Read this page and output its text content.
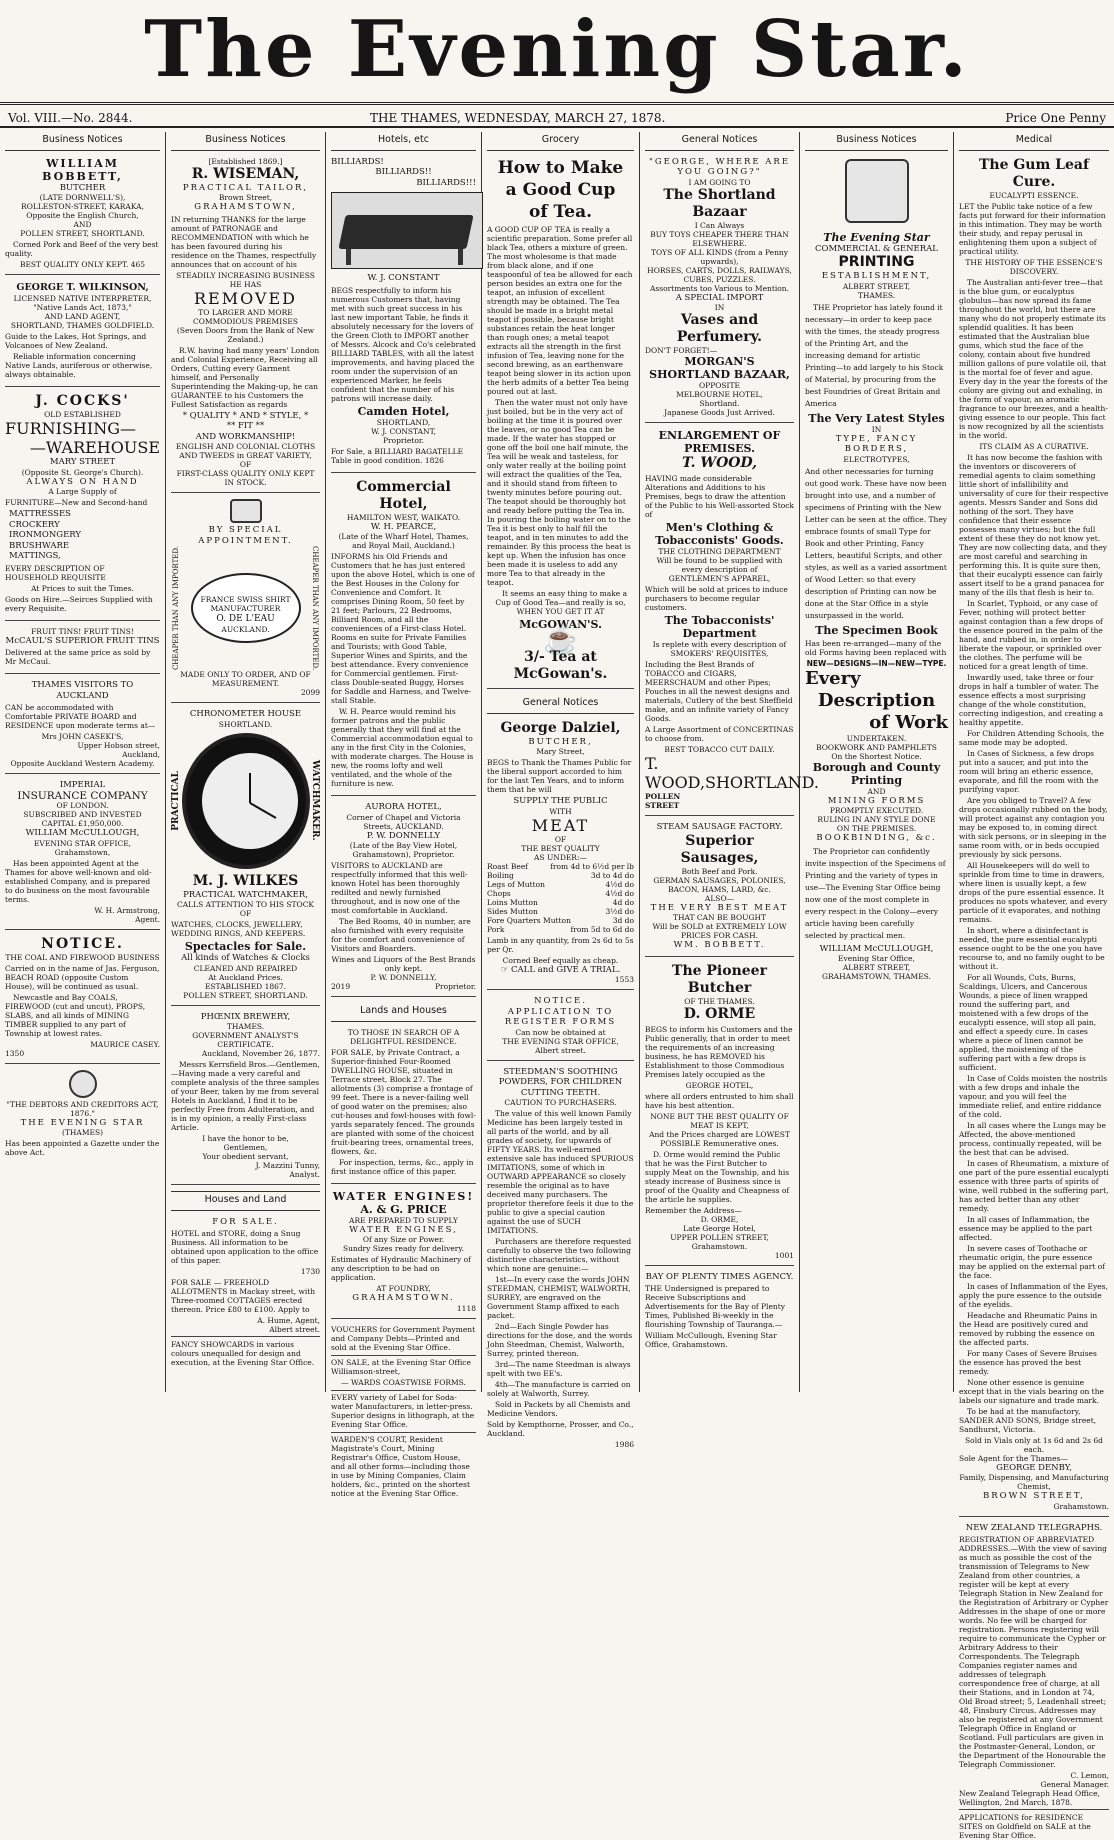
The Evening Star.
Vol. VIII.—No. 2844.	THE THAMES, WEDNESDAY, MARCH 27, 1878.	Price One Penny
Business Notices
WILLIAM BOBBETT,
BUTCHER
(LATE DORNWELL'S),
ROLLESTON-STREET, KARAKA,
Opposite the English Church,
AND
POLLEN STREET, SHORTLAND.

Corned Pork and Beef of the very best quality.

BEST QUALITY ONLY KEPT. 465
GEORGE T. WILKINSON,
LICENSED NATIVE INTERPRETER,
"Native Lands Act, 1873,"
AND LAND AGENT,
SHORTLAND, THAMES GOLDFIELD.

Guide to the Lakes, Hot Springs, and Volcanoes of New Zealand.

Reliable information concerning Native Lands, auriferous or otherwise, always obtainable.

J. COCKS'
OLD ESTABLISHED
FURNISHING—
—WAREHOUSE
MARY STREET
(Opposite St. George's Church).
ALWAYS ON HAND
A Large Supply of

FURNITURE—New and Second-hand

MATTRESSES
CROCKERY
IRONMONGERY
BRUSHWARE
MATTINGS,

EVERY DESCRIPTION OF HOUSEHOLD REQUISITE

At Prices to suit the Times.

Goods on Hire.—Seirces Supplied with every Requisite.

FRUIT TINS! FRUIT TINS!
McCAUL'S SUPERIOR FRUIT TINS

Delivered at the same price as sold by Mr McCaul.

THAMES VISITORS TO AUCKLAND

CAN be accommodated with Comfortable PRIVATE BOARD and RESIDENCE upon moderate terms at—

Mrs JOHN CASEKI'S,
Upper Hobson street,
Auckland,
Opposite Auckland Western Academy.
IMPERIAL
INSURANCE COMPANY
OF LONDON.
SUBSCRIBED AND INVESTED
CAPITAL £1,950,000.
WILLIAM McCULLOUGH,
EVENING STAR OFFICE,
Grahamstown,

Has been appointed Agent at the Thames for above well-known and old-established Company, and is prepared to do business on the most favourable terms.

W. H. Armstrong,
Agent.
NOTICE.
THE COAL AND FIREWOOD BUSINESS

Carried on in the name of Jas. Ferguson, BEACH ROAD (opposite Custom House), will be continued as usual.

Newcastle and Bay COALS, FIREWOOD (cut and uncut), PROPS, SLABS, and all kinds of MINING TIMBER supplied to any part of Township at lowest rates.

MAURICE CASEY.
1350
"THE DEBTORS AND CREDITORS ACT, 1876."
THE EVENING STAR
(THAMES)

Has been appointed a Gazette under the above Act.

Business Notices
[Established 1869.]
R. WISEMAN,
PRACTICAL TAILOR,
Brown Street,
GRAHAMSTOWN,

IN returning THANKS for the large amount of PATRONAGE and RECOMMENDATION with which he has been favoured during his residence on the Thames, respectfully announces that on account of his

STEADILY INCREASING BUSINESS
HE HAS
REMOVED
TO LARGER AND MORE COMMODIOUS PREMISES
(Seven Doors from the Bank of New Zealand.)

R.W. having had many years' London and Colonial Experience, Receiving all Orders, Cutting every Garment himself, and Personally Superintending the Making-up, he can GUARANTEE to his Customers the Fullest Satisfaction as regards

* QUALITY * AND * STYLE, *
** FIT **
AND WORKMANSHIP!
ENGLISH AND COLONIAL CLOTHS AND TWEEDS in GREAT VARIETY,
OF
FIRST-CLASS QUALITY ONLY KEPT IN STOCK.
BY SPECIAL APPOINTMENT.
CHEAPER THAN ANY IMPORTED.	FRANCE SWISS SHIRT MANUFACTURER
O. DE L'EAU
AUCKLAND.	CHEAPER THAN ANY IMPORTED.
MADE ONLY TO ORDER, AND OF MEASUREMENT.
2099
CHRONOMETER HOUSE
SHORTLAND.
PRACTICAL	WATCHMAKER.
M. J. WILKES
PRACTICAL WATCHMAKER,
CALLS ATTENTION TO HIS STOCK OF

WATCHES, CLOCKS, JEWELLERY, WEDDING RINGS, AND KEEPERS.

Spectacles for Sale.
All kinds of Watches & Clocks
CLEANED AND REPAIRED
At Auckland Prices.
ESTABLISHED 1867.
POLLEN STREET, SHORTLAND.
PHŒNIX BREWERY,
THAMES.
GOVERNMENT ANALYST'S CERTIFICATE.
Auckland, November 26, 1877.

Messrs Kerrsfield Bros.—Gentlemen,—Having made a very careful and complete analysis of the three samples of your Beer, taken by me from several Hotels in Auckland, I find it to be perfectly Free from Adulteration, and is in my opinion, a really First-class Article.

I have the honor to be,
Gentlemen,
Your obedient servant,
J. Mazzini Tunny,
Analyst.
Houses and Land
FOR SALE.

HOTEL and STORE, doing a Snug Business. All information to be obtained upon application to the office of this paper.

1730

FOR SALE — FREEHOLD ALLOTMENTS in Mackay street, with Three-roomed COTTAGES erected thereon. Price £80 to £100. Apply to

A. Hume, Agent,
Albert street.

FANCY SHOWCARDS in various colours unequalled for design and execution, at the Evening Star Office.

Hotels, etc
BILLIARDS!
BILLIARDS!!
BILLIARDS!!!
W. J. CONSTANT

BEGS respectfully to inform his numerous Customers that, having met with such great success in his last new important Table, he finds it absolutely necessary for the lovers of the Green Cloth to IMPORT another of Messrs. Alcock and Co's celebrated BILLIARD TABLES, with all the latest improvements, and having placed the room under the supervision of an experienced Marker, he feels confident that the number of his patrons will increase daily.

Camden Hotel,
SHORTLAND,
W. J. CONSTANT,
Proprietor.

For Sale, a BILLIARD BAGATELLE Table in good condition. 1826

Commercial Hotel,
HAMILTON WEST, WAIKATO.
W. H. PEARCE,
(Late of the Wharf Hotel, Thames, and Royal Mail, Auckland.)

INFORMS his Old Friends and Customers that he has just entered upon the above Hotel, which is one of the Best Houses in the Colony for Convenience and Comfort. It comprises Dining Room, 50 feet by 21 feet; Parlours, 22 Bedrooms, Billiard Room, and all the conveniences of a First-class Hotel. Rooms en suite for Private Families and Tourists; with Good Table, Superior Wines and Spirits, and the best attendance. Every convenience for Commercial gentlemen. First-class Double-seated Buggy, Horses for Saddle and Harness, and Twelve-stall Stable.

W. H. Pearce would remind his former patrons and the public generally that they will find at the Commercial accommodation equal to any in the first City in the Colonies, with moderate charges. The House is new, the rooms lofty and well ventilated, and the whole of the furniture is new.

AURORA HOTEL,
Corner of Chapel and Victoria Streets, AUCKLAND.
P. W. DONNELLY
(Late of the Bay View Hotel, Grahamstown), Proprietor.

VISITORS to AUCKLAND are respectfully informed that this well-known Hotel has been thoroughly redilted and newly furnished throughout, and is now one of the most comfortable in Auckland.

The Bed Rooms, 40 in number, are also furnished with every requisite for the comfort and convenience of Visitors and Boarders.

Wines and Liquors of the Best Brands only kept.
P. W. DONNELLY,
2019	Proprietor.
Lands and Houses
TO THOSE IN SEARCH OF A DELIGHTFUL RESIDENCE.

FOR SALE, by Private Contract, a Superior-finished Four-Roomed DWELLING HOUSE, situated in Terrace street, Block 27. The allotments (3) comprise a frontage of 99 feet. There is a never-failing well of good water on the premises; also cut-houses and fowl-houses with fowl-yards separately fenced. The grounds are planted with some of the choicest fruit-bearing trees, ornamental trees, flowers, &c.

For inspection, terms, &c., apply in first instance office of this paper.

WATER ENGINES!
A. & G. PRICE
ARE PREPARED TO SUPPLY
WATER ENGINES,
Of any Size or Power.
Sundry Sizes ready for delivery.

Estimates of Hydraulic Machinery of any description to be had on application.

AT FOUNDRY,
GRAHAMSTOWN.
1118

VOUCHERS for Government Payment and Company Debts—Printed and sold at the Evening Star Office.

ON SALE, at the Evening Star Office Williamson-street,

— WARDS COASTWISE FORMS.

EVERY variety of Label for Soda-water Manufacturers, in letter-press. Superior designs in lithograph, at the Evening Star Office.

WARDEN'S COURT, Resident Magistrate's Court, Mining Registrar's Office, Custom House, and all other forms—including those in use by Mining Companies, Claim holders, &c., printed on the shortest notice at the Evening Star Office.

Grocery
How to Make
a Good Cup
of Tea.

A GOOD CUP OF TEA is really a scientific preparation. Some prefer all black Tea, others a mixture of green. The most wholesome is that made from black alone, and if one teaspoonful of tea be allowed for each person besides an extra one for the teapot, an infusion of excellent strength may be obtained. The Tea should be made in a bright metal teapot if possible, because bright substances retain the heat longer than rough ones; a metal teapot extracts all the strength in the first infusion of Tea, leaving none for the second brewing, as an earthenware teapot being slower in its action upon the herb admits of a better Tea being poured out at last.

Then the water must not only have just boiled, but be in the very act of boiling at the time it is poured over the leaves, or no good Tea can be made. If the water has stopped or gone off the boil one half minute, the Tea will be weak and tasteless, for only water really at the boiling point will extract the qualities of the Tea, and it should stand from fifteen to twenty minutes before pouring out. The teapot should be thoroughly hot and ready before putting the Tea in. In pouring the boiling water on to the Tea it is best only to half fill the teapot, and in ten minutes to add the remainder. By this process the heat is kept up. When the infusion has once been made it is useless to add any more Tea to that already in the teapot.

It seems an easy thing to make a Cup of Good Tea—and really is so, WHEN YOU GET IT AT

McGOWAN'S.
☕
3/- Tea at McGowan's.
General Notices
George Dalziel,
BUTCHER,
Mary Street,

BEGS to Thank the Thames Public for the liberal support accorded to him for the last Ten Years, and to inform them that he will

SUPPLY THE PUBLIC
WITH
MEAT
OF
THE BEST QUALITY
AS UNDER:—
Roast Beef	from 4d to 6½d per lb
Boiling	3d to 4d do
Legs of Mutton	4½d do
Chops	4½d do
Loins Mutton	4d do
Sides Mutton	3½d do
Fore Quarters Mutton	3d do
Pork	from 5d to 6d do

Lamb in any quantity, from 2s 6d to 5s per Qr.

Corned Beef equally as cheap.
☞ CALL and GIVE A TRIAL.
1553
NOTICE.
APPLICATION TO REGISTER FORMS
Can now be obtained at
THE EVENING STAR OFFICE,
Albert street.
STEEDMAN'S SOOTHING POWDERS, FOR CHILDREN CUTTING TEETH.
CAUTION TO PURCHASERS.

The value of this well known Family Medicine has been largely tested in all parts of the world, and by all grades of society, for upwards of FIFTY YEARS. Its well-earned extensive sale has induced SPURIOUS IMITATIONS, some of which in OUTWARD APPEARANCE so closely resemble the original as to have deceived many purchasers. The proprietor therefore feels it due to the public to give a special caution against the use of SUCH IMITATIONS.

Purchasers are therefore requested carefully to observe the two following distinctive characteristics, without which none are genuine:—

1st—In every case the words JOHN STEEDMAN, CHEMIST, WALWORTH, SURREY, are engraved on the Government Stamp affixed to each packet.

2nd—Each Single Powder has directions for the dose, and the words John Steedman, Chemist, Walworth, Surrey, printed thereon.

3rd—The name Steedman is always spelt with two EE's.

4th—The manufacture is carried on solely at Walworth, Surrey.

Sold in Packets by all Chemists and Medicine Vendors.

Sold by Kempthorne, Prosser, and Co., Auckland.

1986
General Notices
"GEORGE, WHERE ARE YOU GOING?"
I AM GOING TO
The Shortland Bazaar
I Can Always
BUY TOYS CHEAPER THERE THAN ELSEWHERE.
TOYS OF ALL KINDS (from a Penny upwards),
HORSES, CARTS, DOLLS, RAILWAYS, CUBES, PUZZLES.
Assortments too Various to Mention.
A SPECIAL IMPORT
IN
Vases and Perfumery.
DON'T FORGET!—
MORGAN'S
SHORTLAND BAZAAR,
OPPOSITE
MELBOURNE HOTEL,
Shortland.
Japanese Goods Just Arrived.
ENLARGEMENT OF PREMISES.
T. WOOD,

HAVING made considerable Alterations and Additions to his Premises, begs to draw the attention of the Public to his Well-assorted Stock of

Men's Clothing & Tobacconists' Goods.
THE CLOTHING DEPARTMENT
Will be found to be supplied with every description of
GENTLEMEN'S APPAREL,

Which will be sold at prices to induce purchasers to become regular customers.

The Tobacconists' Department
Is replete with every description of SMOKERS' REQUISITES,

Including the Best Brands of TOBACCO and CIGARS, MEERSCHAUM and other Pipes; Pouches in all the newest designs and materials, Cutlery of the best Sheffield make, and an infinite variety of Fancy Goods.

A Large Assortment of CONCERTINAS to choose from.

BEST TOBACCO CUT DAILY.
T. WOOD,
POLLEN STREET
SHORTLAND.
STEAM SAUSAGE FACTORY.
Superior Sausages,
Both Beef and Pork.
GERMAN SAUSAGES, POLONIES,
BACON, HAMS, LARD, &c.
ALSO—
THE VERY BEST MEAT
THAT CAN BE BOUGHT
Will be SOLD at EXTREMELY LOW PRICES FOR CASH.
WM. BOBBETT.
The Pioneer Butcher
OF THE THAMES.
D. ORME

BEGS to inform his Customers and the Public generally, that in order to meet the requirements of an increasing business, he has REMOVED his Establishment to those Commodious Premises lately occupied as the

GEORGE HOTEL,

where all orders entrusted to him shall have his best attention.

NONE BUT THE BEST QUALITY OF MEAT IS KEPT,
And the Prices charged are LOWEST POSSIBLE Remunerative ones.

D. Orme would remind the Public that he was the First Butcher to supply Meat on the Township, and his steady increase of Business since is proof of the Quality and Cheapness of the article he supplies.

Remember the Address—
D. ORME,
Late George Hotel,
UPPER POLLEN STREET,
Grahamstown.
1001
BAY OF PLENTY TIMES AGENCY.

THE Undersigned is prepared to Receive Subscriptions and Advertisements for the Bay of Plenty Times, Published Bi-weekly in the flourishing Township of Tauranga.—

William McCullough, Evening Star Office, Grahamstown.

Business Notices
The Evening Star
COMMERCIAL & GENERAL
PRINTING
ESTABLISHMENT,
ALBERT STREET,
THAMES.

THE Proprietor has lately found it necessary—in order to keep pace with the times, the steady progress of the Printing Art, and the increasing demand for artistic Printing—to add largely to his Stock of Material, by procuring from the best Foundries of Great Britain and America

The Very Latest Styles
IN
TYPE, FANCY BORDERS,
ELECTROTYPES,

And other necessaries for turning out good work. These have now been brought into use, and a number of specimens of Printing with the New Letter can be seen at the office. They embrace founts of small Type for Book and other Printing, Fancy Letters, beautiful Scripts, and other styles, as well as a varied assortment of Wood Letter: so that every description of Printing can now be done at the Star Office in a style unsurpassed in the world.

The Specimen Book

Has been re-arranged—many of the old Forms having been replaced with

NEW—DESIGNS—IN—NEW—TYPE.
Every
Description
of Work
UNDERTAKEN.
BOOKWORK AND PAMPHLETS
On the Shortest Notice.
Borough and County Printing
AND
MINING FORMS
PROMPTLY EXECUTED.
RULING IN ANY STYLE DONE
ON THE PREMISES.
BOOKBINDING, &c.

The Proprietor can confidently invite inspection of the Specimens of Printing and the variety of types in use—The Evening Star Office being now one of the most complete in every respect in the Colony—every article having been carefully selected by practical men.

WILLIAM McCULLOUGH,
Evening Star Office,
ALBERT STREET,
GRAHAMSTOWN, THAMES.
Medical
The Gum Leaf Cure.
EUCALYPTI ESSENCE.

LET the Public take notice of a few facts put forward for their information in this intimation. They may be worth their study, and repay perusal in enlightening them upon a subject of practical utility.

THE HISTORY OF THE ESSENCE'S DISCOVERY.

The Australian anti-fever tree—that is the blue gum, or eucalyptus globulus—has now spread its fame throughout the world, but there are many who do not properly estimate its splendid qualities. It has been estimated that the Australian blue gums, which stud the face of the colony, contain about five hundred million gallons of pure volatile oil, that is the mortal foe of fever and ague. Every day in the year the forests of the colony are giving out and exhaling, in the form of vapour, an aromatic fragrance to our breezes, and a health-giving essence to our people. This fact is now recognized by all the scientists in the world.

ITS CLAIM AS A CURATIVE.

It has now become the fashion with the inventors or discoverers of remedial agents to claim something little short of infallibility and universality of cure for their respective agents. Messrs Sander and Sons did nothing of the sort. They have confidence that their essence possesses many virtues; but the full extent of these they do not know yet. They are now collecting data, and they are most careful and searching in performing this. It is quite sure then, that their eucalypti essence can fairly assert itself to be a grand panacea for many of the ills that flesh is heir to.

In Scarlet, Typhoid, or any case of Fever, nothing will protect better against contagion than a few drops of the essence poured in the palm of the hand, and rubbed in, in order to liberate the vapour, or sprinkled over the clothes. The perfume will be noticed for a great length of time.

Inwardly used, take three or four drops in half a tumbler of water. The essence effects a most surprising change of the whole constitution, correcting indigestion, and creating a healthy appetite.

For Children Attending Schools, the same mode may be adopted.

In Cases of Sickness, a few drops put into a saucer, and put into the room will bring an etheric essence, evaporate, and fill the room with the purifying vapor.

Are you obliged to Travel? A few drops occasionally rubbed on the body, will protect against any contagion you may be exposed to, in coming direct with sick persons, or in sleeping in the same room with, or in beds occupied previously by sick persons.

All Housekeepers will do well to sprinkle from time to time in drawers, where linen is usually kept, a few drops of the pure essential essence. It produces no spots whatever, and every particle of it evaporates, and nothing remains.

In short, where a disinfectant is needed, the pure essential eucalypti essence ought to be the one you have recourse to, and no family ought to be without it.

For all Wounds, Cuts, Burns, Scaldings, Ulcers, and Cancerous Wounds, a piece of linen wrapped round the suffering part, and moistened with a few drops of the eucalypti essence, will stop all pain, and effect a speedy cure. In cases where a piece of linen cannot be applied, the moistening of the suffering part with a few drops is sufficient.

In Case of Colds moisten the nostrils with a few drops and inhale the vapour, and you will feel the immediate relief, and entire riddance of the cold.

In all cases where the Lungs may be Affected, the above-mentioned process, continually repeated, will be the best that can be advised.

In cases of Rheumatism, a mixture of one part of the pure essential eucalypti essence with three parts of spirits of wine, well rubbed in the suffering part, has acted better than any other remedy.

In all cases of Inflammation, the essence may be applied to the part affected.

In severe cases of Toothache or rheumatic origin, the pure essence may be applied on the external part of the face.

In cases of Inflammation of the Eyes, apply the pure essence to the outside of the eyelids.

Headache and Rheumatic Pains in the Head are positively cured and removed by rubbing the essence on the affected parts.

For many Cases of Severe Bruises the essence has proved the best remedy.

None other essence is genuine except that in the vials bearing on the labels our signature and trade mark.

To be had at the manufactory, SANDER AND SONS, Bridge street, Sandhurst, Victoria.

Sold in Vials only at 1s 6d and 2s 6d each.
Sole Agent for the Thames—
GEORGE DENBY,
Family, Dispensing, and Manufacturing Chemist,
BROWN STREET,
Grahamstown.
NEW ZEALAND TELEGRAPHS.

REGISTRATION OF ABBREVIATED ADDRESSES.—With the view of saving as much as possible the cost of the transmission of Telegrams to New Zealand from other countries, a register will be kept at every Telegraph Station in New Zealand for the Registration of Arbitrary or Cypher Addresses in the shape of one or more words. No fee will be charged for registration. Persons registering will require to communicate the Cypher or Arbitrary Address to their Correspondents. The Telegraph Companies register names and addresses of telegraph correspondence free of charge, at all their Stations, and in London at 74, Old Broad street; 5, Leadenhall street; 48, Finsbury Circus. Addresses may also be registered at any Government Telegraph Office in England or Scotland. Full particulars are given in the Postmaster-General, London, or the Department of the Honourable the Telegraph Commissioner.

C. Lemon,
General Manager.
New Zealand Telegraph Head Office,
Wellington, 2nd March, 1878.

APPLICATIONS for RESIDENCE SITES on Goldfield on SALE at the Evening Star Office.
